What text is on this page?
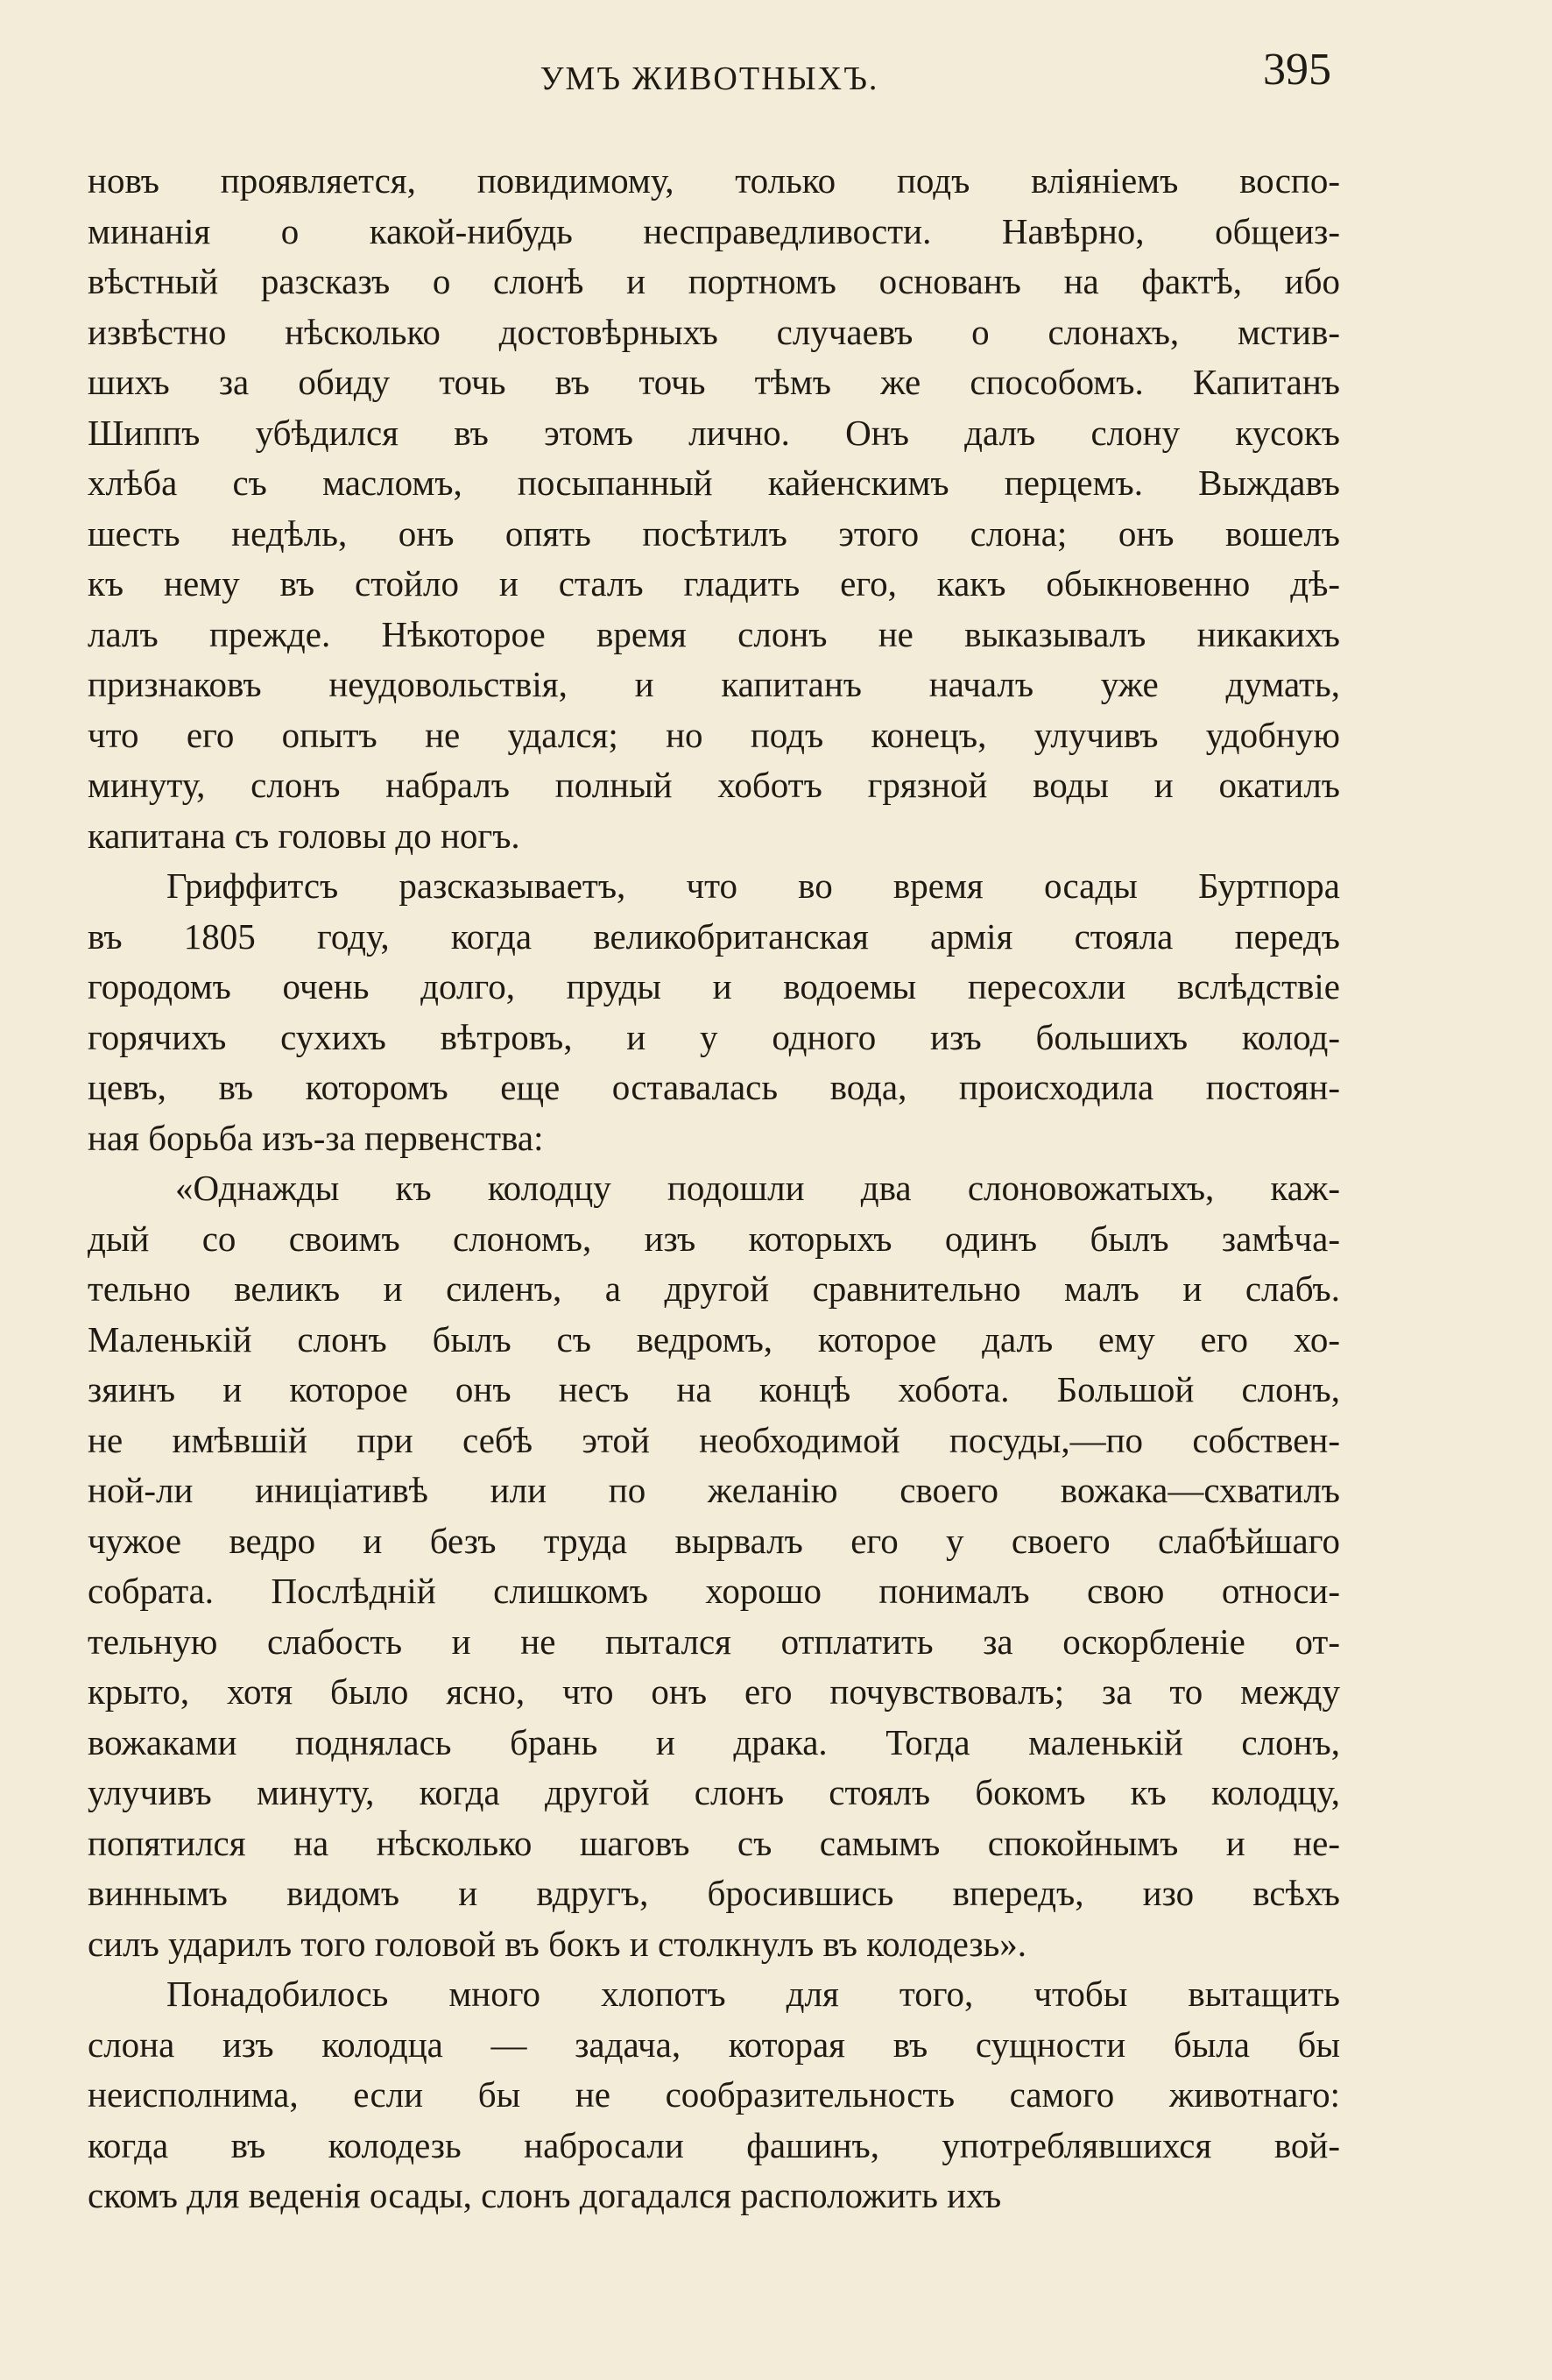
УМЪ ЖИВОТНЫХЪ.	395
новъ проявляется, повидимому, только подъ вліяніемъ воспо-
минанія о какой-нибудь несправедливости. Навѣрно, общеиз-
вѣстный разсказъ о слонѣ и портномъ основанъ на фактѣ, ибо
извѣстно нѣсколько достовѣрныхъ случаевъ о слонахъ, мстив-
шихъ за обиду точь въ точь тѣмъ же способомъ. Капитанъ
Шиппъ убѣдился въ этомъ лично. Онъ далъ слону кусокъ
хлѣба съ масломъ, посыпанный кайенскимъ перцемъ. Выждавъ
шесть недѣль, онъ опять посѣтилъ этого слона; онъ вошелъ
къ нему въ стойло и сталъ гладить его, какъ обыкновенно дѣ-
лалъ прежде. Нѣкоторое время слонъ не выказывалъ никакихъ
признаковъ неудовольствія, и капитанъ началъ уже думать,
что его опытъ не удался; но подъ конецъ, улучивъ удобную
минуту, слонъ набралъ полный хоботъ грязной воды и окатилъ
капитана съ головы до ногъ.
Гриффитсъ разсказываетъ, что во время осады Буртпора
въ 1805 году, когда великобританская армія стояла передъ
городомъ очень долго, пруды и водоемы пересохли вслѣдствіе
горячихъ сухихъ вѣтровъ, и у одного изъ большихъ колод-
цевъ, въ которомъ еще оставалась вода, происходила постоян-
ная борьба изъ-за первенства:
«Однажды къ колодцу подошли два слоновожатыхъ, каж-
дый со своимъ слономъ, изъ которыхъ одинъ былъ замѣча-
тельно великъ и силенъ, а другой сравнительно малъ и слабъ.
Маленькій слонъ былъ съ ведромъ, которое далъ ему его хо-
зяинъ и которое онъ несъ на концѣ хобота. Большой слонъ,
не имѣвшій при себѣ этой необходимой посуды,—по собствен-
ной-ли иниціативѣ или по желанію своего вожака—схватилъ
чужое ведро и безъ труда вырвалъ его у своего слабѣйшаго
собрата. Послѣдній слишкомъ хорошо понималъ свою относи-
тельную слабость и не пытался отплатить за оскорбленіе от-
крыто, хотя было ясно, что онъ его почувствовалъ; за то между
вожаками поднялась брань и драка. Тогда маленькій слонъ,
улучивъ минуту, когда другой слонъ стоялъ бокомъ къ колодцу,
попятился на нѣсколько шаговъ съ самымъ спокойнымъ и не-
виннымъ видомъ и вдругъ, бросившись впередъ, изо всѣхъ
силъ ударилъ того головой въ бокъ и столкнулъ въ колодезь».
Понадобилось много хлопотъ для того, чтобы вытащить
слона изъ колодца — задача, которая въ сущности была бы
неисполнима, если бы не сообразительность самого животнаго:
когда въ колодезь набросали фашинъ, употреблявшихся вой-
скомъ для веденія осады, слонъ догадался расположить ихъ
